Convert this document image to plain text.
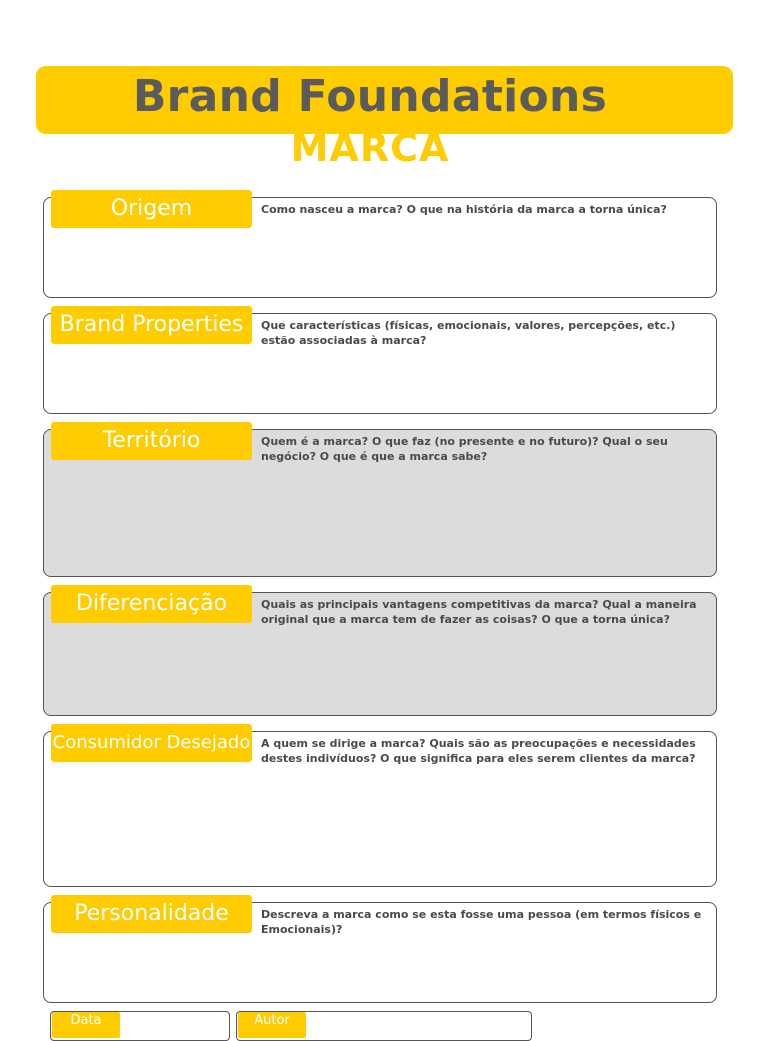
Brand Foundations
MARCA
Origem	Como nasceu a marca? O que na história da marca a torna única?
Brand Properties	Que características (físicas, emocionais, valores, percepções, etc.) estão associadas à marca?
Território	Quem é a marca? O que faz (no presente e no futuro)? Qual o seu negócio? O que é que a marca sabe?
Diferenciação	Quais as principais vantagens competitivas da marca? Qual a maneira original que a marca tem de fazer as coisas? O que a torna única?
Consumidor Desejado A quem se dirige a marca? Quais são as preocupações e necessidades destes indivíduos? O que significa para eles serem clientes da marca?
Personalidade	Descreva a marca como se esta fosse uma pessoa (em termos físicos e Emocionais)?
Data	Autor
